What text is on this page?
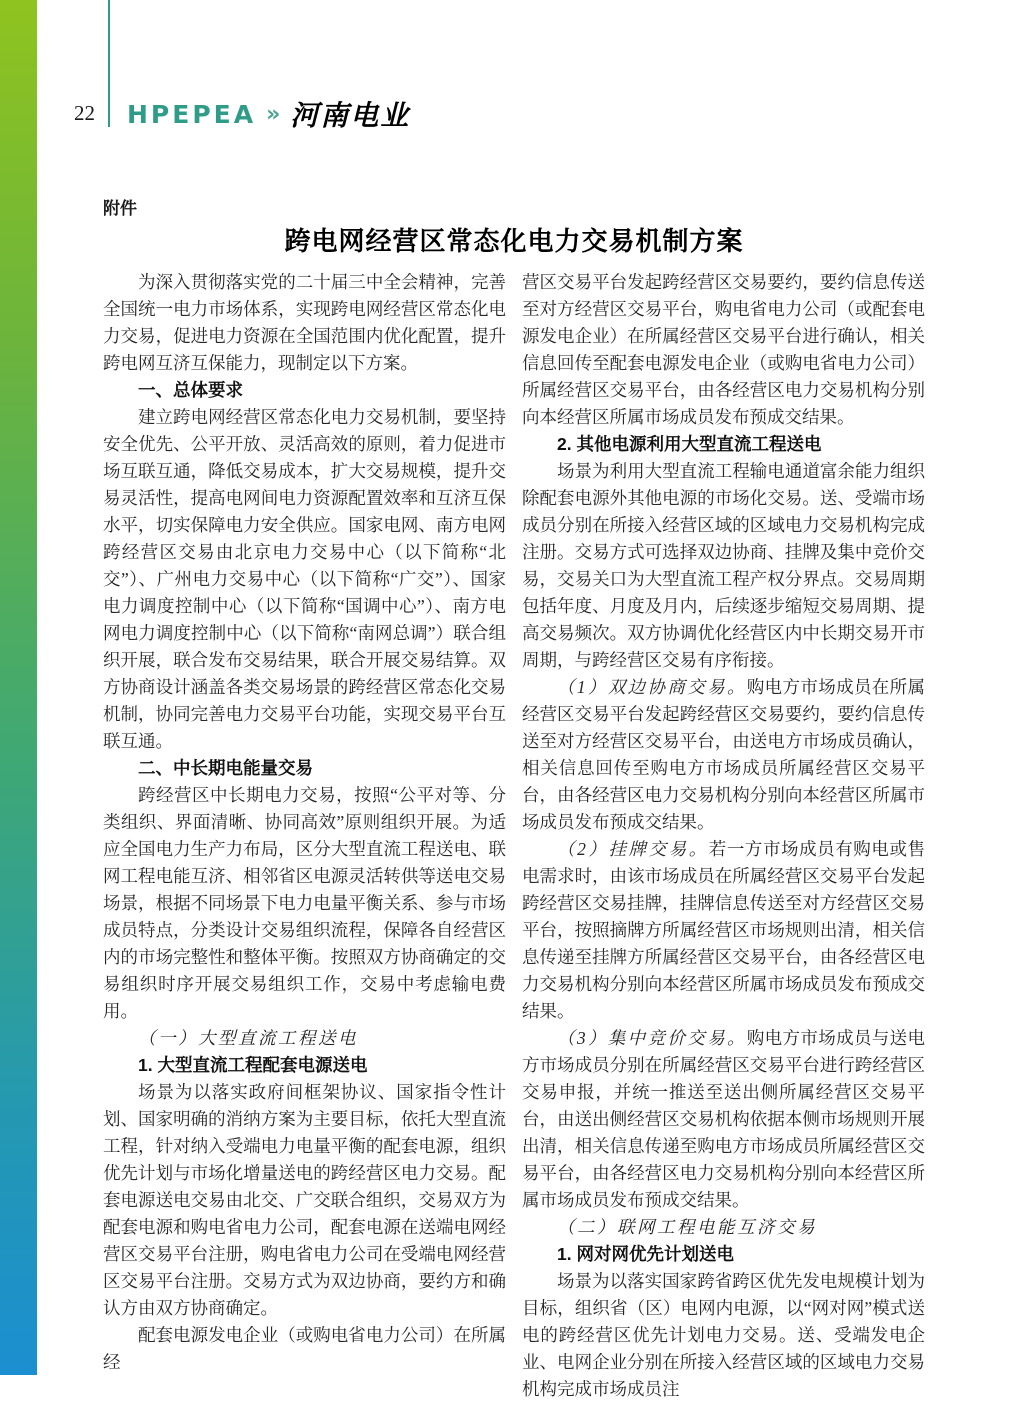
22 HPEPEA » 河南电业
附件
跨电网经营区常态化电力交易机制方案

为深入贯彻落实党的二十届三中全会精神，完善全国统一电力市场体系，实现跨电网经营区常态化电力交易，促进电力资源在全国范围内优化配置，提升跨电网互济互保能力，现制定以下方案。

一、总体要求

建立跨电网经营区常态化电力交易机制，要坚持安全优先、公平开放、灵活高效的原则，着力促进市场互联互通，降低交易成本，扩大交易规模，提升交易灵活性，提高电网间电力资源配置效率和互济互保水平，切实保障电力安全供应。国家电网、南方电网跨经营区交易由北京电力交易中心（以下简称“北交”）、广州电力交易中心（以下简称“广交”）、国家电力调度控制中心（以下简称“国调中心”）、南方电网电力调度控制中心（以下简称“南网总调”）联合组织开展，联合发布交易结果，联合开展交易结算。双方协商设计涵盖各类交易场景的跨经营区常态化交易机制，协同完善电力交易平台功能，实现交易平台互联互通。

二、中长期电能量交易

跨经营区中长期电力交易，按照“公平对等、分类组织、界面清晰、协同高效”原则组织开展。为适应全国电力生产力布局，区分大型直流工程送电、联网工程电能互济、相邻省区电源灵活转供等送电交易场景，根据不同场景下电力电量平衡关系、参与市场成员特点，分类设计交易组织流程，保障各自经营区内的市场完整性和整体平衡。按照双方协商确定的交易组织时序开展交易组织工作，交易中考虑输电费用。

（一）大型直流工程送电

1. 大型直流工程配套电源送电

场景为以落实政府间框架协议、国家指令性计划、国家明确的消纳方案为主要目标，依托大型直流工程，针对纳入受端电力电量平衡的配套电源，组织优先计划与市场化增量送电的跨经营区电力交易。配套电源送电交易由北交、广交联合组织，交易双方为配套电源和购电省电力公司，配套电源在送端电网经营区交易平台注册，购电省电力公司在受端电网经营区交易平台注册。交易方式为双边协商，要约方和确认方由双方协商确定。

配套电源发电企业（或购电省电力公司）在所属经

营区交易平台发起跨经营区交易要约，要约信息传送至对方经营区交易平台，购电省电力公司（或配套电源发电企业）在所属经营区交易平台进行确认，相关信息回传至配套电源发电企业（或购电省电力公司）所属经营区交易平台，由各经营区电力交易机构分别向本经营区所属市场成员发布预成交结果。

2. 其他电源利用大型直流工程送电

场景为利用大型直流工程输电通道富余能力组织除配套电源外其他电源的市场化交易。送、受端市场成员分别在所接入经营区域的区域电力交易机构完成注册。交易方式可选择双边协商、挂牌及集中竞价交易，交易关口为大型直流工程产权分界点。交易周期包括年度、月度及月内，后续逐步缩短交易周期、提高交易频次。双方协调优化经营区内中长期交易开市周期，与跨经营区交易有序衔接。

（1）双边协商交易。购电方市场成员在所属经营区交易平台发起跨经营区交易要约，要约信息传送至对方经营区交易平台，由送电方市场成员确认，相关信息回传至购电方市场成员所属经营区交易平台，由各经营区电力交易机构分别向本经营区所属市场成员发布预成交结果。

（2）挂牌交易。若一方市场成员有购电或售电需求时，由该市场成员在所属经营区交易平台发起跨经营区交易挂牌，挂牌信息传送至对方经营区交易平台，按照摘牌方所属经营区市场规则出清，相关信息传递至挂牌方所属经营区交易平台，由各经营区电力交易机构分别向本经营区所属市场成员发布预成交结果。

（3）集中竞价交易。购电方市场成员与送电方市场成员分别在所属经营区交易平台进行跨经营区交易申报，并统一推送至送出侧所属经营区交易平台，由送出侧经营区交易机构依据本侧市场规则开展出清，相关信息传递至购电方市场成员所属经营区交易平台，由各经营区电力交易机构分别向本经营区所属市场成员发布预成交结果。

（二）联网工程电能互济交易

1. 网对网优先计划送电

场景为以落实国家跨省跨区优先发电规模计划为目标，组织省（区）电网内电源，以“网对网”模式送电的跨经营区优先计划电力交易。送、受端发电企业、电网企业分别在所接入经营区域的区域电力交易机构完成市场成员注
